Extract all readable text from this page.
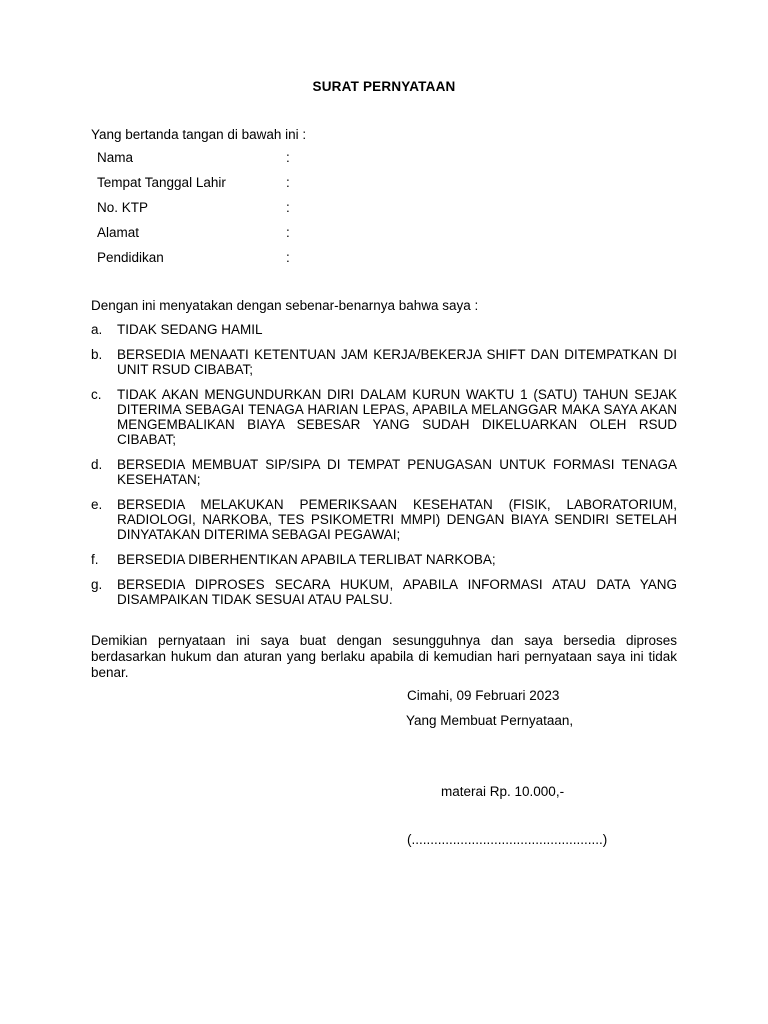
SURAT PERNYATAAN
Yang bertanda tangan di bawah ini :
Nama	:
Tempat Tanggal Lahir	:
No. KTP	:
Alamat	:
Pendidikan	:
Dengan ini menyatakan dengan sebenar-benarnya bahwa saya :
a. TIDAK SEDANG HAMIL
b. BERSEDIA MENAATI KETENTUAN JAM KERJA/BEKERJA SHIFT DAN DITEMPATKAN DI UNIT RSUD CIBABAT;
c. TIDAK AKAN MENGUNDURKAN DIRI DALAM KURUN WAKTU 1 (SATU) TAHUN SEJAK DITERIMA SEBAGAI TENAGA HARIAN LEPAS, APABILA MELANGGAR MAKA SAYA AKAN MENGEMBALIKAN BIAYA SEBESAR YANG SUDAH DIKELUARKAN OLEH RSUD CIBABAT;
d. BERSEDIA MEMBUAT SIP/SIPA DI TEMPAT PENUGASAN UNTUK FORMASI TENAGA KESEHATAN;
e. BERSEDIA MELAKUKAN PEMERIKSAAN KESEHATAN (FISIK, LABORATORIUM, RADIOLOGI, NARKOBA, TES PSIKOMETRI MMPI) DENGAN BIAYA SENDIRI SETELAH DINYATAKAN DITERIMA SEBAGAI PEGAWAI;
f. BERSEDIA DIBERHENTIKAN APABILA TERLIBAT NARKOBA;
g. BERSEDIA DIPROSES SECARA HUKUM, APABILA INFORMASI ATAU DATA YANG DISAMPAIKAN TIDAK SESUAI ATAU PALSU.
Demikian pernyataan ini saya buat dengan sesungguhnya dan saya bersedia diproses berdasarkan hukum dan aturan yang berlaku apabila di kemudian hari pernyataan saya ini tidak benar.
Cimahi, 09 Februari 2023
Yang Membuat Pernyataan,
materai Rp. 10.000,-
(...................................................)
